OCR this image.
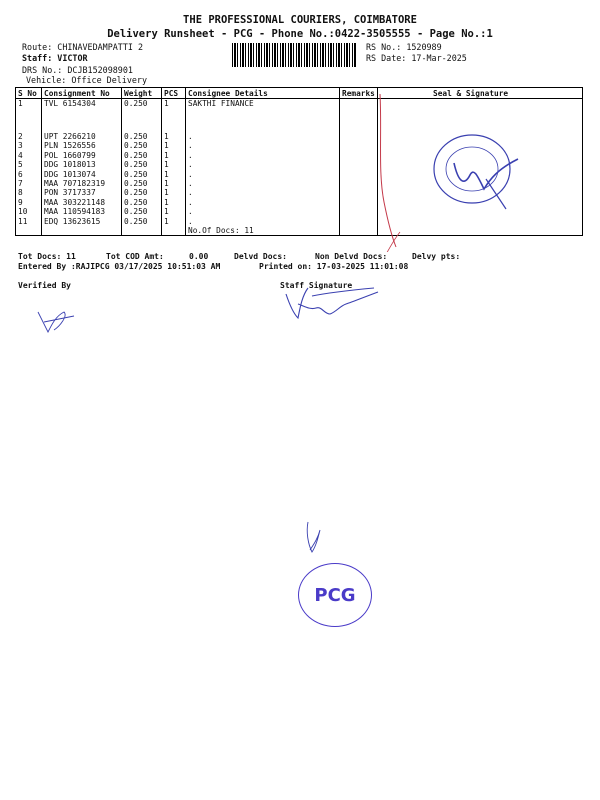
THE PROFESSIONAL COURIERS, COIMBATORE
Delivery Runsheet - PCG - Phone No.:0422-3505555 - Page No.:1
Route: CHINAVEDAMPATTI 2
Staff: VICTOR
DRS No.: DCJB152098901
Vehicle: Office Delivery
RS No.: 1520989
RS Date: 17-Mar-2025
S No	Consignment No	Weight	PCS	Consignee Details	Remarks	Seal & Signature
1	TVL 6154304	0.250	1	SAKTHI FINANCE		
2	UPT 2266210	0.250	1	.		
3	PLN 1526556	0.250	1	.		
4	POL 1660799	0.250	1	.		
5	DDG 1018013	0.250	1	.		
6	DDG 1013074	0.250	1	.		
7	MAA 707182319	0.250	1	.		
8	PON 3717337	0.250	1	.		
9	MAA 303221148	0.250	1	.		
10	MAA 110594183	0.250	1	.		
11	EDQ 13623615	0.250	1	.		
				No.Of Docs: 11		
Tot Docs: 11	Tot COD Amt:	0.00	Delvd Docs:	Non Delvd Docs:	Delvy pts:
Entered By :RAJIPCG 03/17/2025 10:51:03 AM	Printed on: 17-03-2025 11:01:08
Verified By	Staff Signature
PCG
